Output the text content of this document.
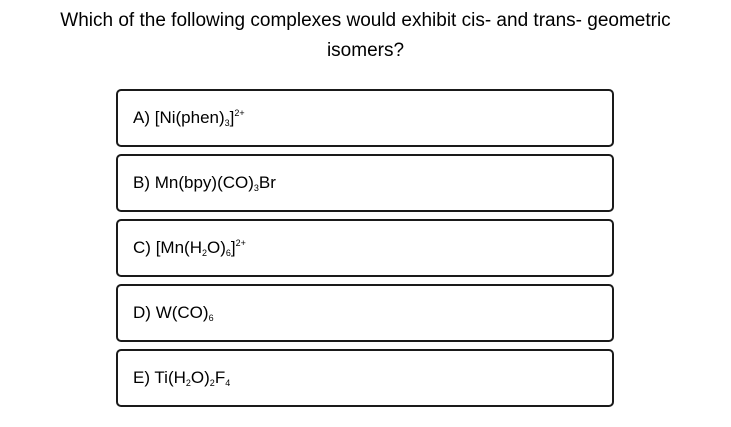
Which of the following complexes would exhibit cis- and trans- geometric
isomers?
A) $[Ni(phen)_3]^{2+}$
B) $Mn(bpy)(CO)_3Br$
C) $[Mn(H_2O)_6]^{2+}$
D) $W(CO)_6$
E) $Ti(H_2O)_2F_4$
